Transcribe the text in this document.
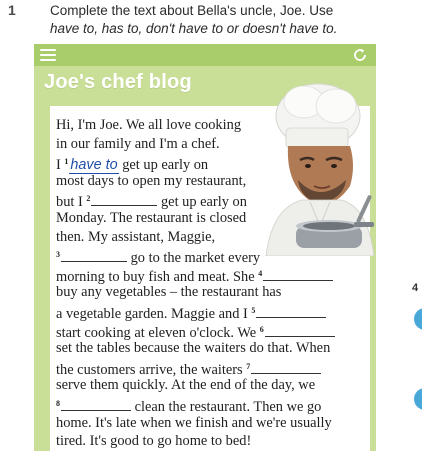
1	Complete the text about Bella's uncle, Joe. Use
have to, has to, don't have to or doesn't have to.
Joe's chef blog
Hi, I'm Joe. We all love cooking
in our family and I'm a chef.
I $^1$ have to get up early on
most days to open my restaurant,
but I $^2$	get up early on
Monday. The restaurant is closed
then. My assistant, Maggie,
$^3$	go to the market every
morning to buy fish and meat. She $^4$
buy any vegetables – the restaurant has
a vegetable garden. Maggie and I $^5$
start cooking at eleven o'clock. We $^6$
set the tables because the waiters do that. When
the customers arrive, the waiters $^7$
serve them quickly. At the end of the day, we
$^8$	clean the restaurant. Then we go
home. It's late when we finish and we're usually
tired. It's good to go home to bed!
4
